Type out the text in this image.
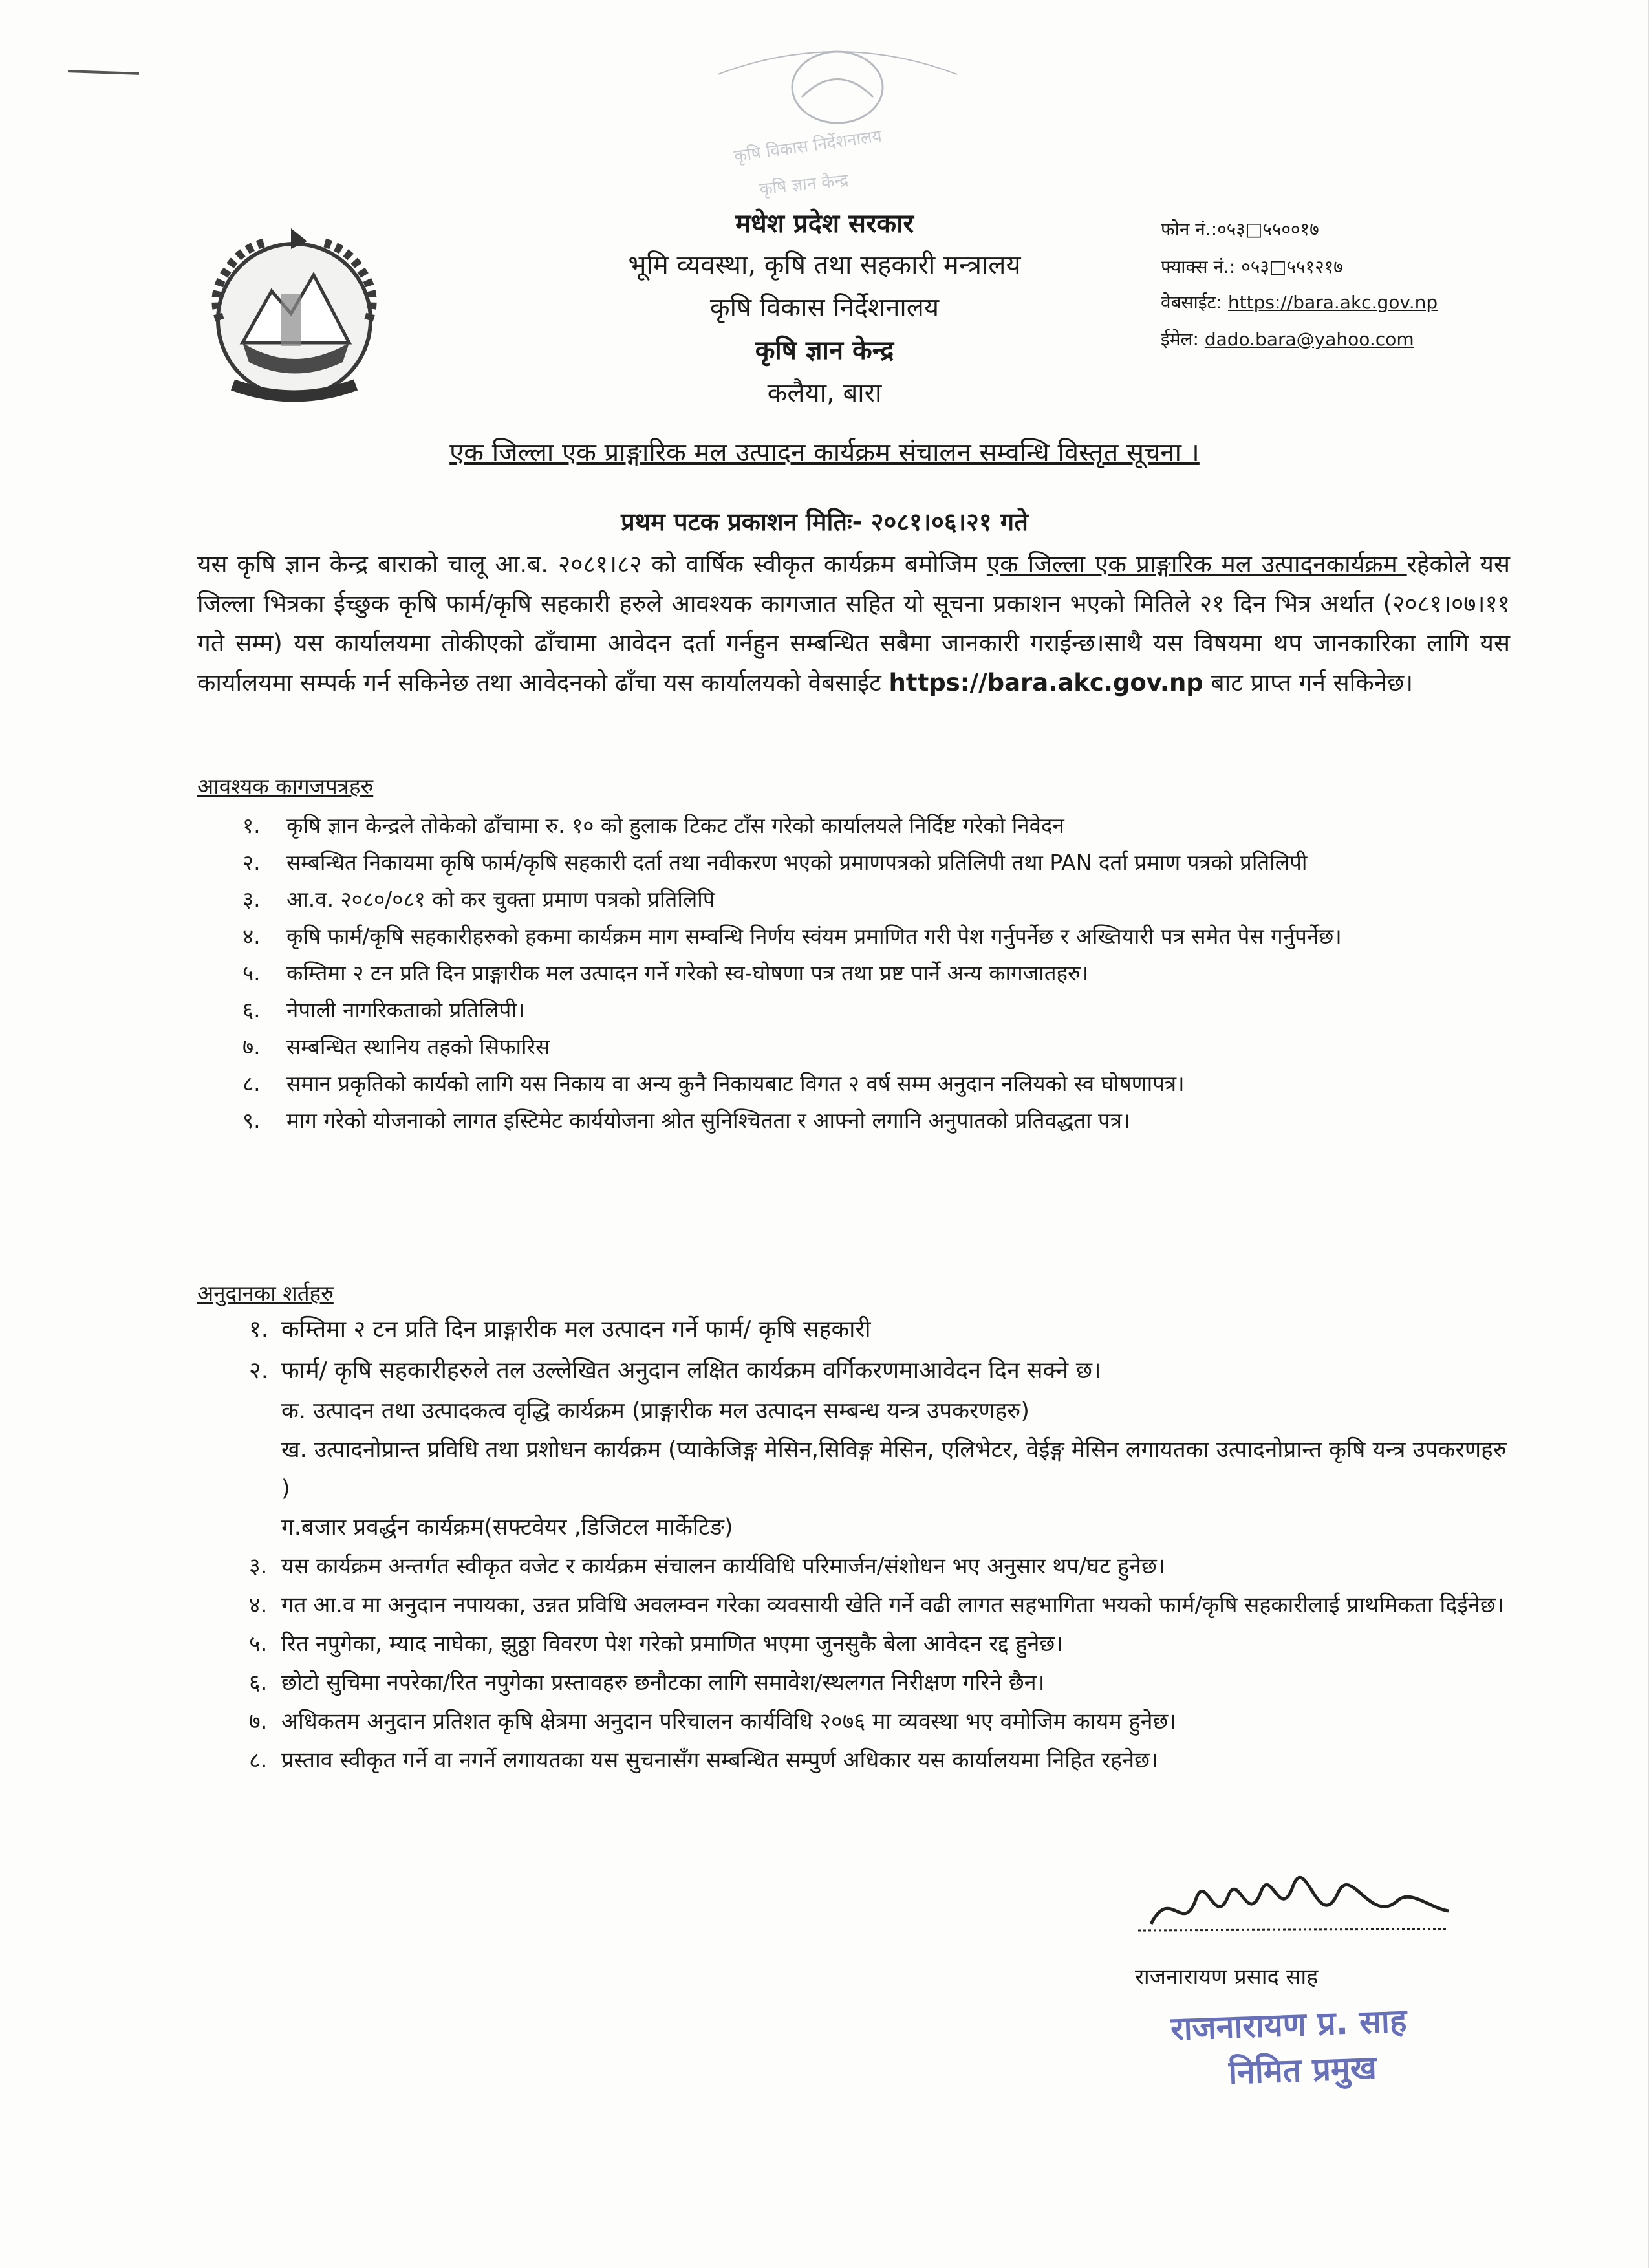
कृषि विकास निर्देशनालय
कृषि ज्ञान केन्द्र
मधेश प्रदेश सरकार
भूमि व्यवस्था, कृषि तथा सहकारी मन्त्रालय
कृषि विकास निर्देशनालय
कृषि ज्ञान केन्द्र
कलैया, बारा
फोन नं.:०५३□५५००१७
फ्याक्स नं.: ०५३□५५१२१७
वेबसाईट: https://bara.akc.gov.np
ईमेल: dado.bara@yahoo.com
एक जिल्ला एक प्राङ्गारिक मल उत्पादन कार्यक्रम संचालन सम्वन्धि विस्तृत सूचना ।
प्रथम पटक प्रकाशन मितिः- २०८१।०६।२१ गते
यस कृषि ज्ञान केन्द्र बाराको चालू आ.ब. २०८१।८२ को वार्षिक स्वीकृत कार्यक्रम बमोजिम एक जिल्ला एक प्राङ्गारिक मल उत्पादनकार्यक्रम रहेकोले यस जिल्ला भित्रका ईच्छुक कृषि फार्म/कृषि सहकारी हरुले आवश्यक कागजात सहित यो सूचना प्रकाशन भएको मितिले २१ दिन भित्र अर्थात (२०८१।०७।११ गते सम्म) यस कार्यालयमा तोकीएको ढाँचामा आवेदन दर्ता गर्नहुन सम्बन्धित सबैमा जानकारी गराईन्छ।साथै यस विषयमा थप जानकारिका लागि यस कार्यालयमा सम्पर्क गर्न सकिनेछ तथा आवेदनको ढाँचा यस कार्यालयको वेबसाईट https://bara.akc.gov.np बाट प्राप्त गर्न सकिनेछ।
आवश्यक कागजपत्रहरु
१.	कृषि ज्ञान केन्द्रले तोकेको ढाँचामा रु. १० को हुलाक टिकट टाँस गरेको कार्यालयले निर्दिष्ट गरेको निवेदन
२.	सम्बन्धित निकायमा कृषि फार्म/कृषि सहकारी दर्ता तथा नवीकरण भएको प्रमाणपत्रको प्रतिलिपी तथा PAN दर्ता प्रमाण पत्रको प्रतिलिपी
३.	आ.व. २०८०/०८१ को कर चुक्ता प्रमाण पत्रको प्रतिलिपि
४.	कृषि फार्म/कृषि सहकारीहरुको हकमा कार्यक्रम माग सम्वन्धि निर्णय स्वंयम प्रमाणित गरी पेश गर्नुपर्नेछ र अख्तियारी पत्र समेत पेस गर्नुपर्नेछ।
५.	कम्तिमा २ टन प्रति दिन प्राङ्गारीक मल उत्पादन गर्ने गरेको स्व-घोषणा पत्र तथा प्रष्ट पार्ने अन्य कागजातहरु।
६.	नेपाली नागरिकताको प्रतिलिपी।
७.	सम्बन्धित स्थानिय तहको सिफारिस
८.	समान प्रकृतिको कार्यको लागि यस निकाय वा अन्य कुनै निकायबाट विगत २ वर्ष सम्म अनुदान नलियको स्व घोषणापत्र।
९.	माग गरेको योजनाको लागत इस्टिमेट कार्ययोजना श्रोत सुनिश्चितता र आफ्नो लगानि अनुपातको प्रतिवद्धता पत्र।
अनुदानका शर्तहरु
१. कम्तिमा २ टन प्रति दिन प्राङ्गारीक मल उत्पादन गर्ने फार्म/ कृषि सहकारी
२. फार्म/ कृषि सहकारीहरुले तल उल्लेखित अनुदान लक्षित कार्यक्रम वर्गिकरणमाआवेदन दिन सक्ने छ।
क. उत्पादन तथा उत्पादकत्व वृद्धि कार्यक्रम (प्राङ्गारीक मल उत्पादन सम्बन्ध यन्त्र उपकरणहरु)
ख. उत्पादनोप्रान्त प्रविधि तथा प्रशोधन कार्यक्रम (प्याकेजिङ्ग मेसिन,सिविङ्ग मेसिन, एलिभेटर, वेईङ्ग मेसिन लगायतका उत्पादनोप्रान्त कृषि यन्त्र उपकरणहरु )
ग.बजार प्रवर्द्धन कार्यक्रम(सफ्टवेयर ,डिजिटल मार्केटिङ)
३. यस कार्यक्रम अन्तर्गत स्वीकृत वजेट र कार्यक्रम संचालन कार्यविधि परिमार्जन/संशोधन भए अनुसार थप/घट हुनेछ।
४. गत आ.व मा अनुदान नपायका, उन्नत प्रविधि अवलम्वन गरेका व्यवसायी खेति गर्ने वढी लागत सहभागिता भयको फार्म/कृषि सहकारीलाई प्राथमिकता दिईनेछ।
५. रित नपुगेका, म्याद नाघेका, झुठ्ठा विवरण पेश गरेको प्रमाणित भएमा जुनसुकै बेला आवेदन रद्द हुनेछ।
६. छोटो सुचिमा नपरेका/रित नपुगेका प्रस्तावहरु छनौटका लागि समावेश/स्थलगत निरीक्षण गरिने छैन।
७. अधिकतम अनुदान प्रतिशत कृषि क्षेत्रमा अनुदान परिचालन कार्यविधि २०७६ मा व्यवस्था भए वमोजिम कायम हुनेछ।
८. प्रस्ताव स्वीकृत गर्ने वा नगर्ने लगायतका यस सुचनासँग सम्बन्धित सम्पुर्ण अधिकार यस कार्यालयमा निहित रहनेछ।
राजनारायण प्रसाद साह
राजनारायण प्र. साह
निमित प्रमुख
